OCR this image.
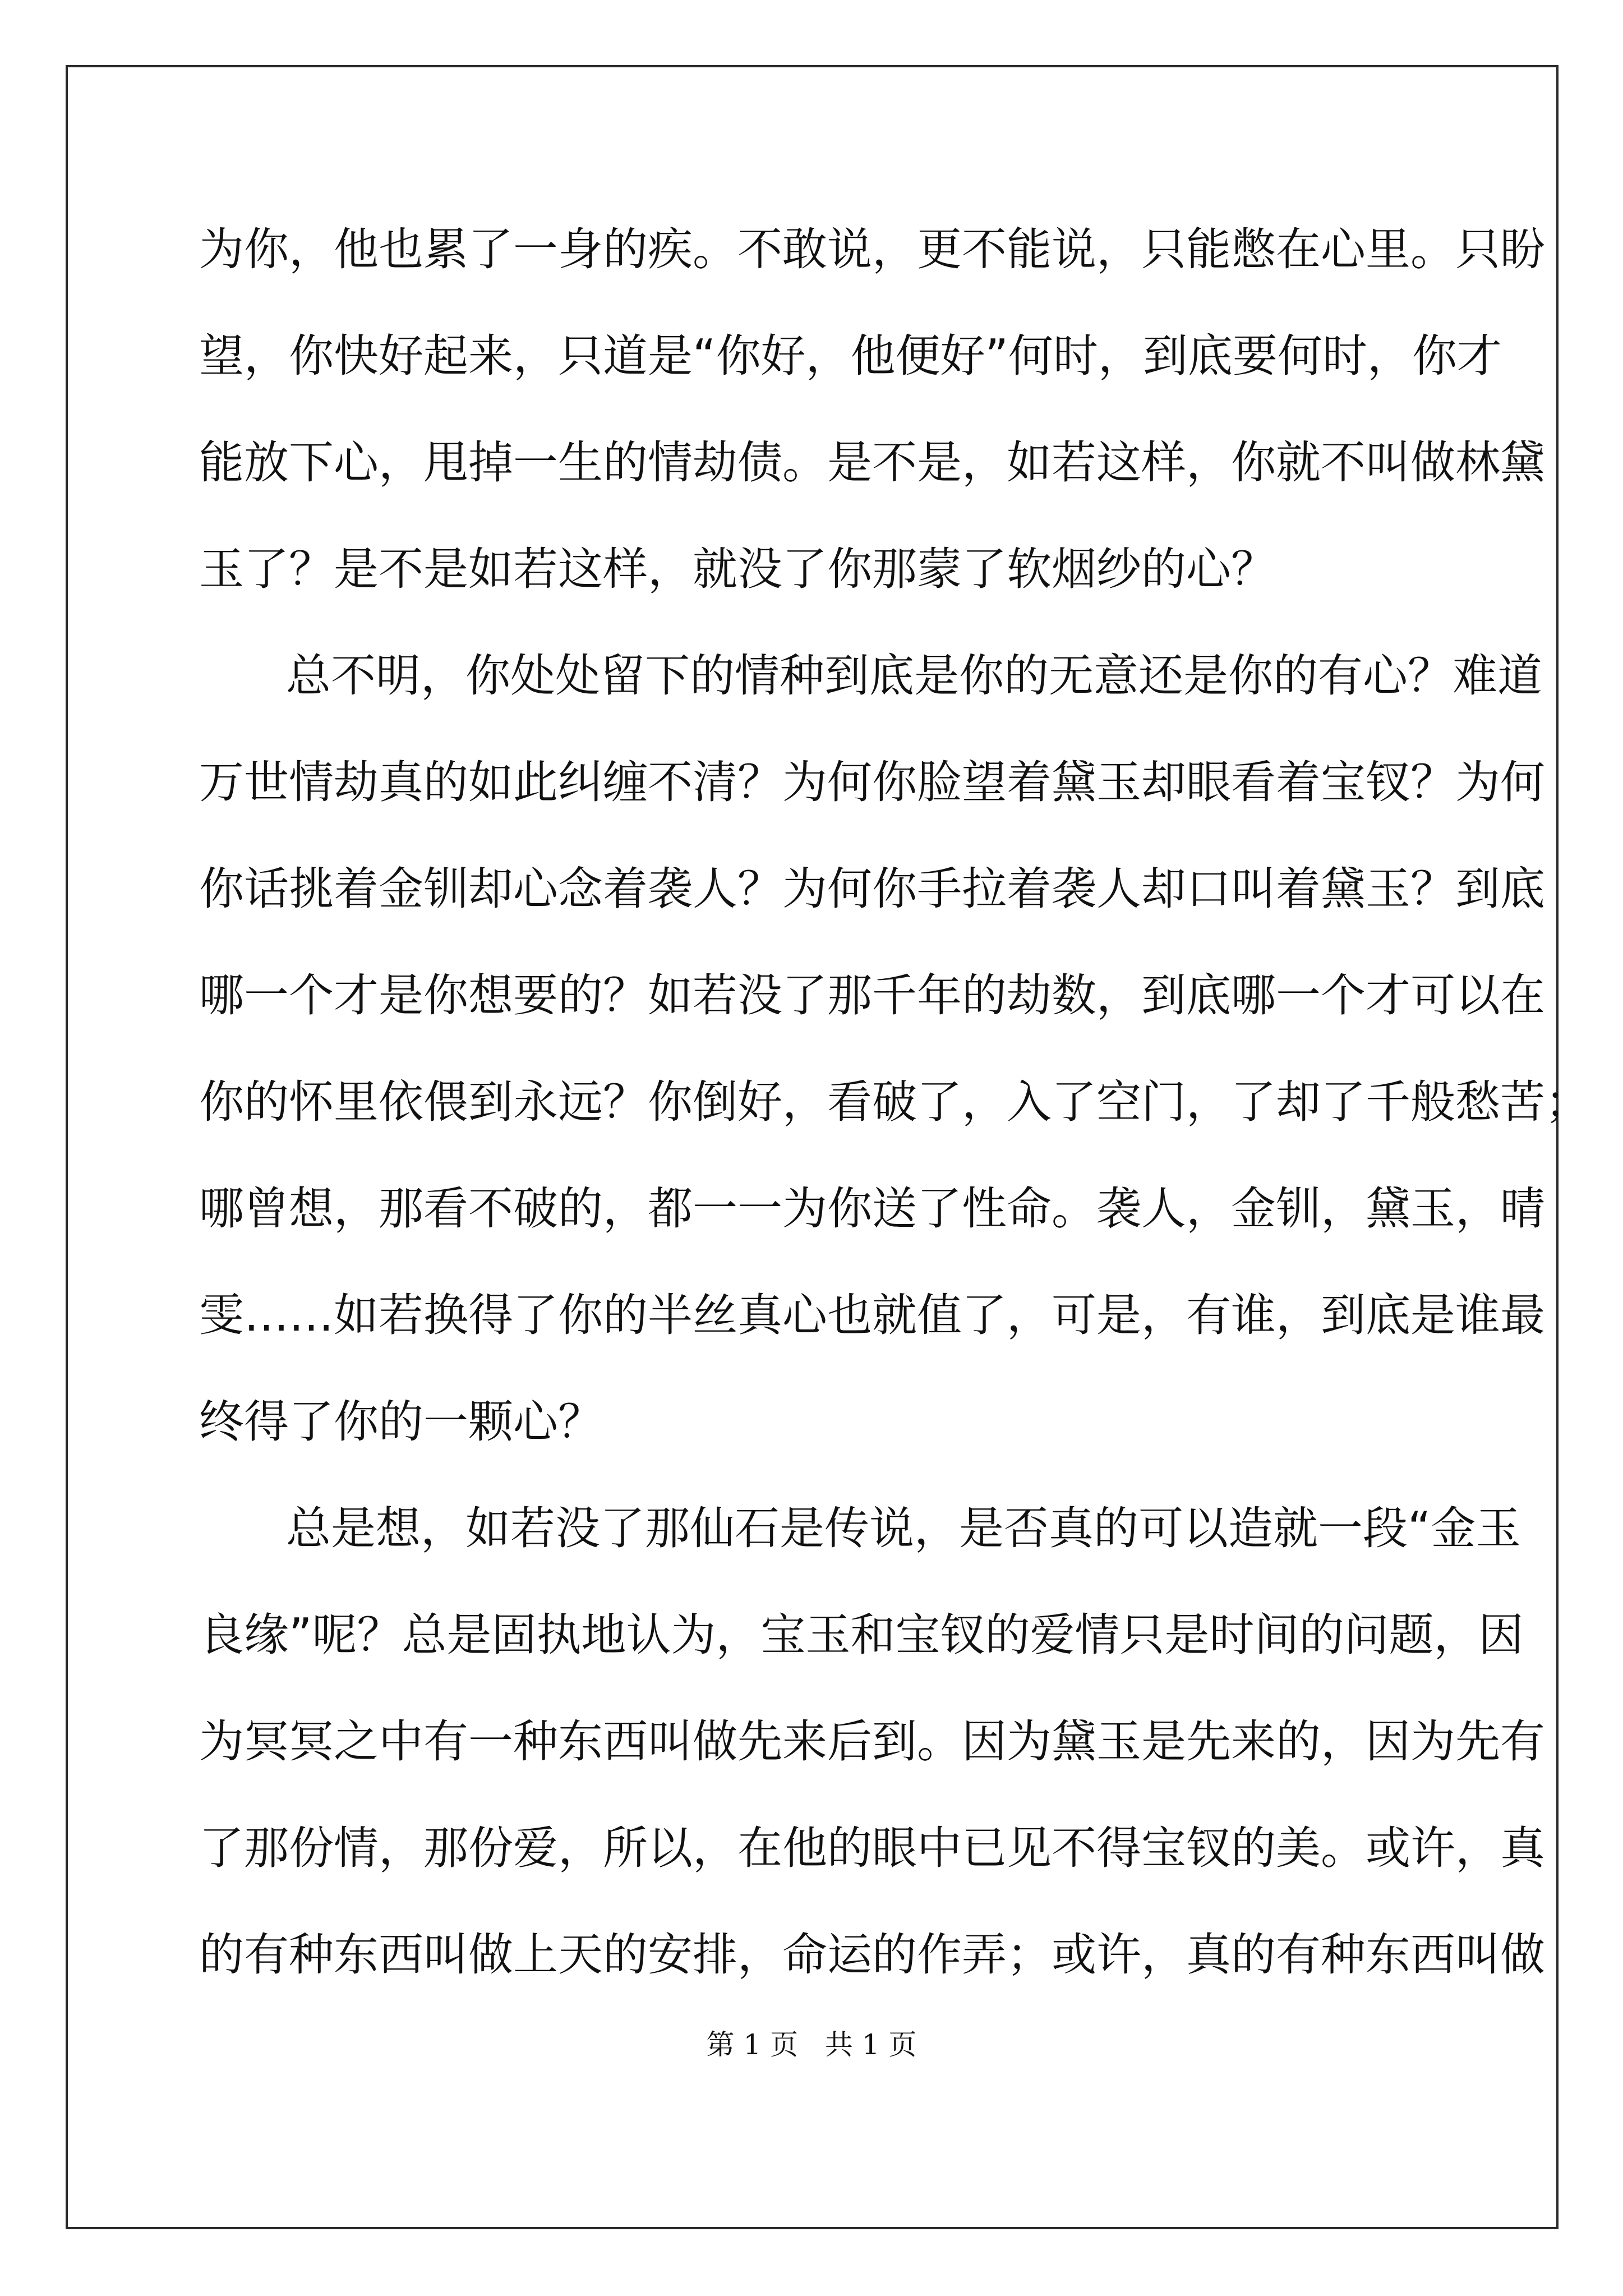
为你，他也累了一身的疾。不敢说，更不能说，只能憋在心里。只盼
望，你快好起来，只道是“你好，他便好”何时，到底要何时，你才
能放下心，甩掉一生的情劫债。是不是，如若这样，你就不叫做林黛
玉了？是不是如若这样，就没了你那蒙了软烟纱的心？
总不明，你处处留下的情种到底是你的无意还是你的有心？难道
万世情劫真的如此纠缠不清？为何你脸望着黛玉却眼看着宝钗？为何
你话挑着金钏却心念着袭人？为何你手拉着袭人却口叫着黛玉？到底
哪一个才是你想要的？如若没了那千年的劫数，到底哪一个才可以在
你的怀里依偎到永远？你倒好，看破了，入了空门，了却了千般愁苦；
哪曾想，那看不破的，都一一为你送了性命。袭人，金钏，黛玉，晴
雯……如若换得了你的半丝真心也就值了，可是，有谁，到底是谁最
终得了你的一颗心？
总是想，如若没了那仙石是传说，是否真的可以造就一段“金玉
良缘”呢？总是固执地认为，宝玉和宝钗的爱情只是时间的问题，因
为冥冥之中有一种东西叫做先来后到。因为黛玉是先来的，因为先有
了那份情，那份爱，所以，在他的眼中已见不得宝钗的美。或许，真
的有种东西叫做上天的安排，命运的作弄；或许，真的有种东西叫做
第 1 页   共 1 页
